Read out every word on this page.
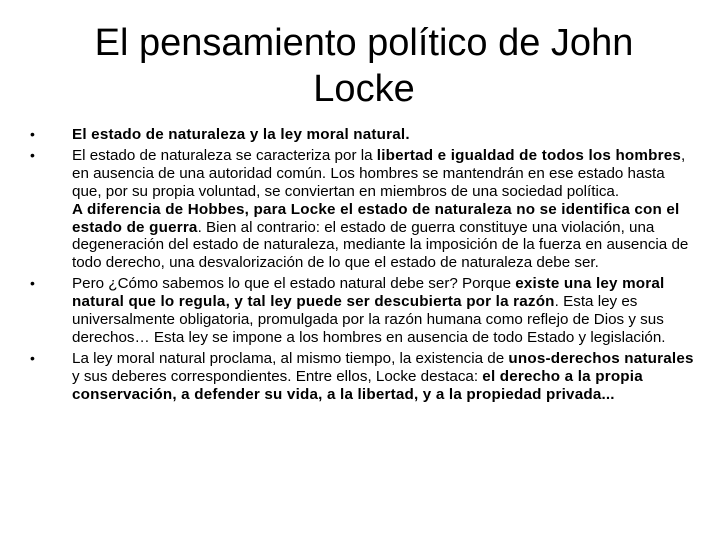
El pensamiento político de John Locke
• El estado de naturaleza y la ley moral natural.
• El estado de naturaleza se caracteriza por la libertad e igualdad de todos los hombres, en ausencia de una autoridad común. Los hombres se mantendrán en ese estado hasta que, por su propia voluntad, se conviertan en miembros de una sociedad política.
A diferencia de Hobbes, para Locke el estado de naturaleza no se identifica con el estado de guerra. Bien al contrario: el estado de guerra constituye una violación, una degeneración del estado de naturaleza, mediante la imposición de la fuerza en ausencia de todo derecho, una desvalorización de lo que el estado de naturaleza debe ser.
• Pero ¿Cómo sabemos lo que el estado natural debe ser? Porque existe una ley moral natural que lo regula, y tal ley puede ser descubierta por la razón. Esta ley es universalmente obligatoria, promulgada por la razón humana como reflejo de Dios y sus derechos… Esta ley se impone a los hombres en ausencia de todo Estado y legislación.
• La ley moral natural proclama, al mismo tiempo, la existencia de unos-derechos naturales y sus deberes correspondientes. Entre ellos, Locke destaca: el derecho a la propia conservación, a defender su vida, a la libertad, y a la propiedad privada...
